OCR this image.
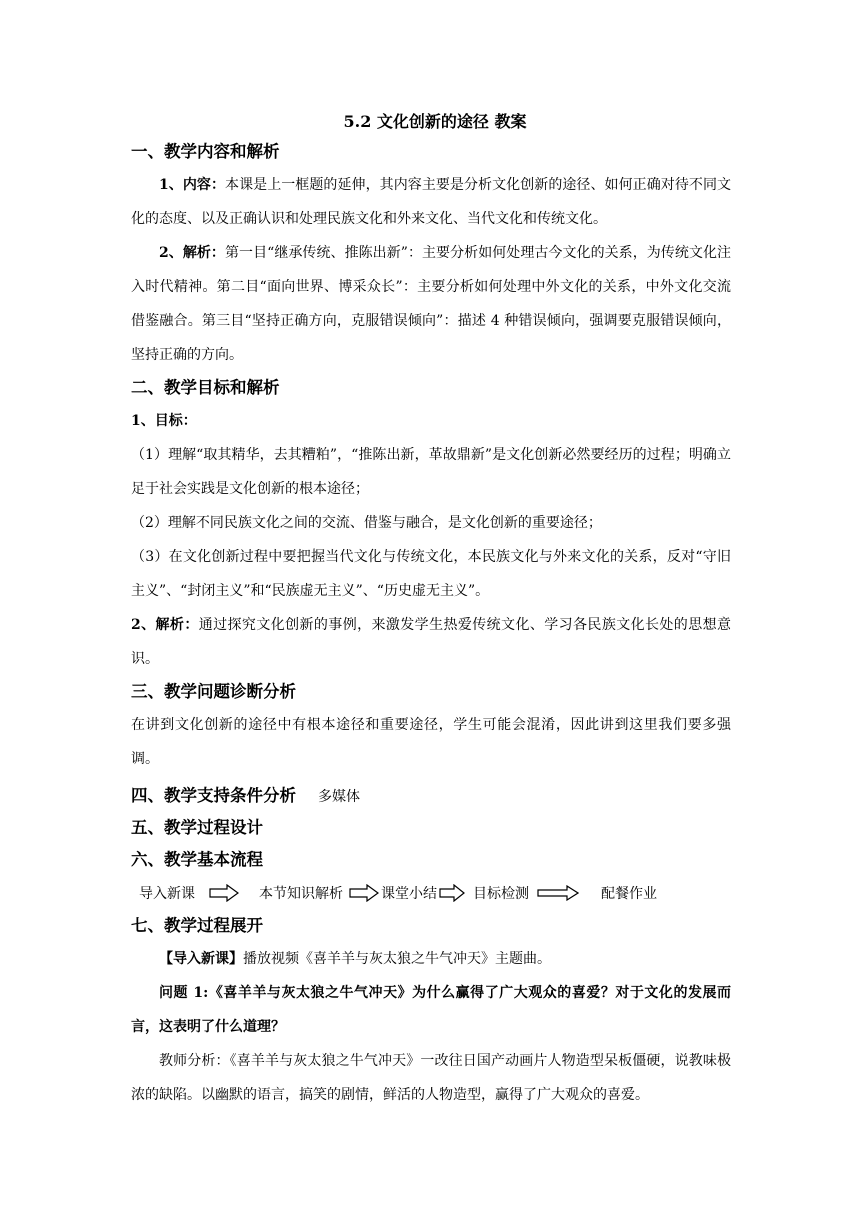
5.2 文化创新的途径 教案
一、教学内容和解析
1、内容：本课是上一框题的延伸，其内容主要是分析文化创新的途径、如何正确对待不同文化的态度、以及正确认识和处理民族文化和外来文化、当代文化和传统文化。
2、解析：第一目“继承传统、推陈出新”：主要分析如何处理古今文化的关系，为传统文化注入时代精神。第二目“面向世界、博采众长”：主要分析如何处理中外文化的关系，中外文化交流借鉴融合。第三目“坚持正确方向，克服错误倾向”：描述 4 种错误倾向，强调要克服错误倾向，坚持正确的方向。
二、教学目标和解析
1、目标：
（1）理解“取其精华，去其糟粕”，“推陈出新，革故鼎新”是文化创新必然要经历的过程；明确立足于社会实践是文化创新的根本途径；
（2）理解不同民族文化之间的交流、借鉴与融合，是文化创新的重要途径；
（3）在文化创新过程中要把握当代文化与传统文化，本民族文化与外来文化的关系，反对“守旧主义”、“封闭主义”和“民族虚无主义”、“历史虚无主义”。
2、解析：通过探究文化创新的事例，来激发学生热爱传统文化、学习各民族文化长处的思想意识。
三、教学问题诊断分析
在讲到文化创新的途径中有根本途径和重要途径，学生可能会混淆，因此讲到这里我们要多强调。
四、教学支持条件分析 多媒体
五、教学过程设计
六、教学基本流程
导入新课	本节知识解析	课堂小结	目标检测	配餐作业
七、教学过程展开
【导入新课】播放视频《喜羊羊与灰太狼之牛气冲天》主题曲。
问题 1:《喜羊羊与灰太狼之牛气冲天》为什么赢得了广大观众的喜爱？对于文化的发展而言，这表明了什么道理？
教师分析：《喜羊羊与灰太狼之牛气冲天》一改往日国产动画片人物造型呆板僵硬，说教味极浓的缺陷。以幽默的语言，搞笑的剧情，鲜活的人物造型，赢得了广大观众的喜爱。
